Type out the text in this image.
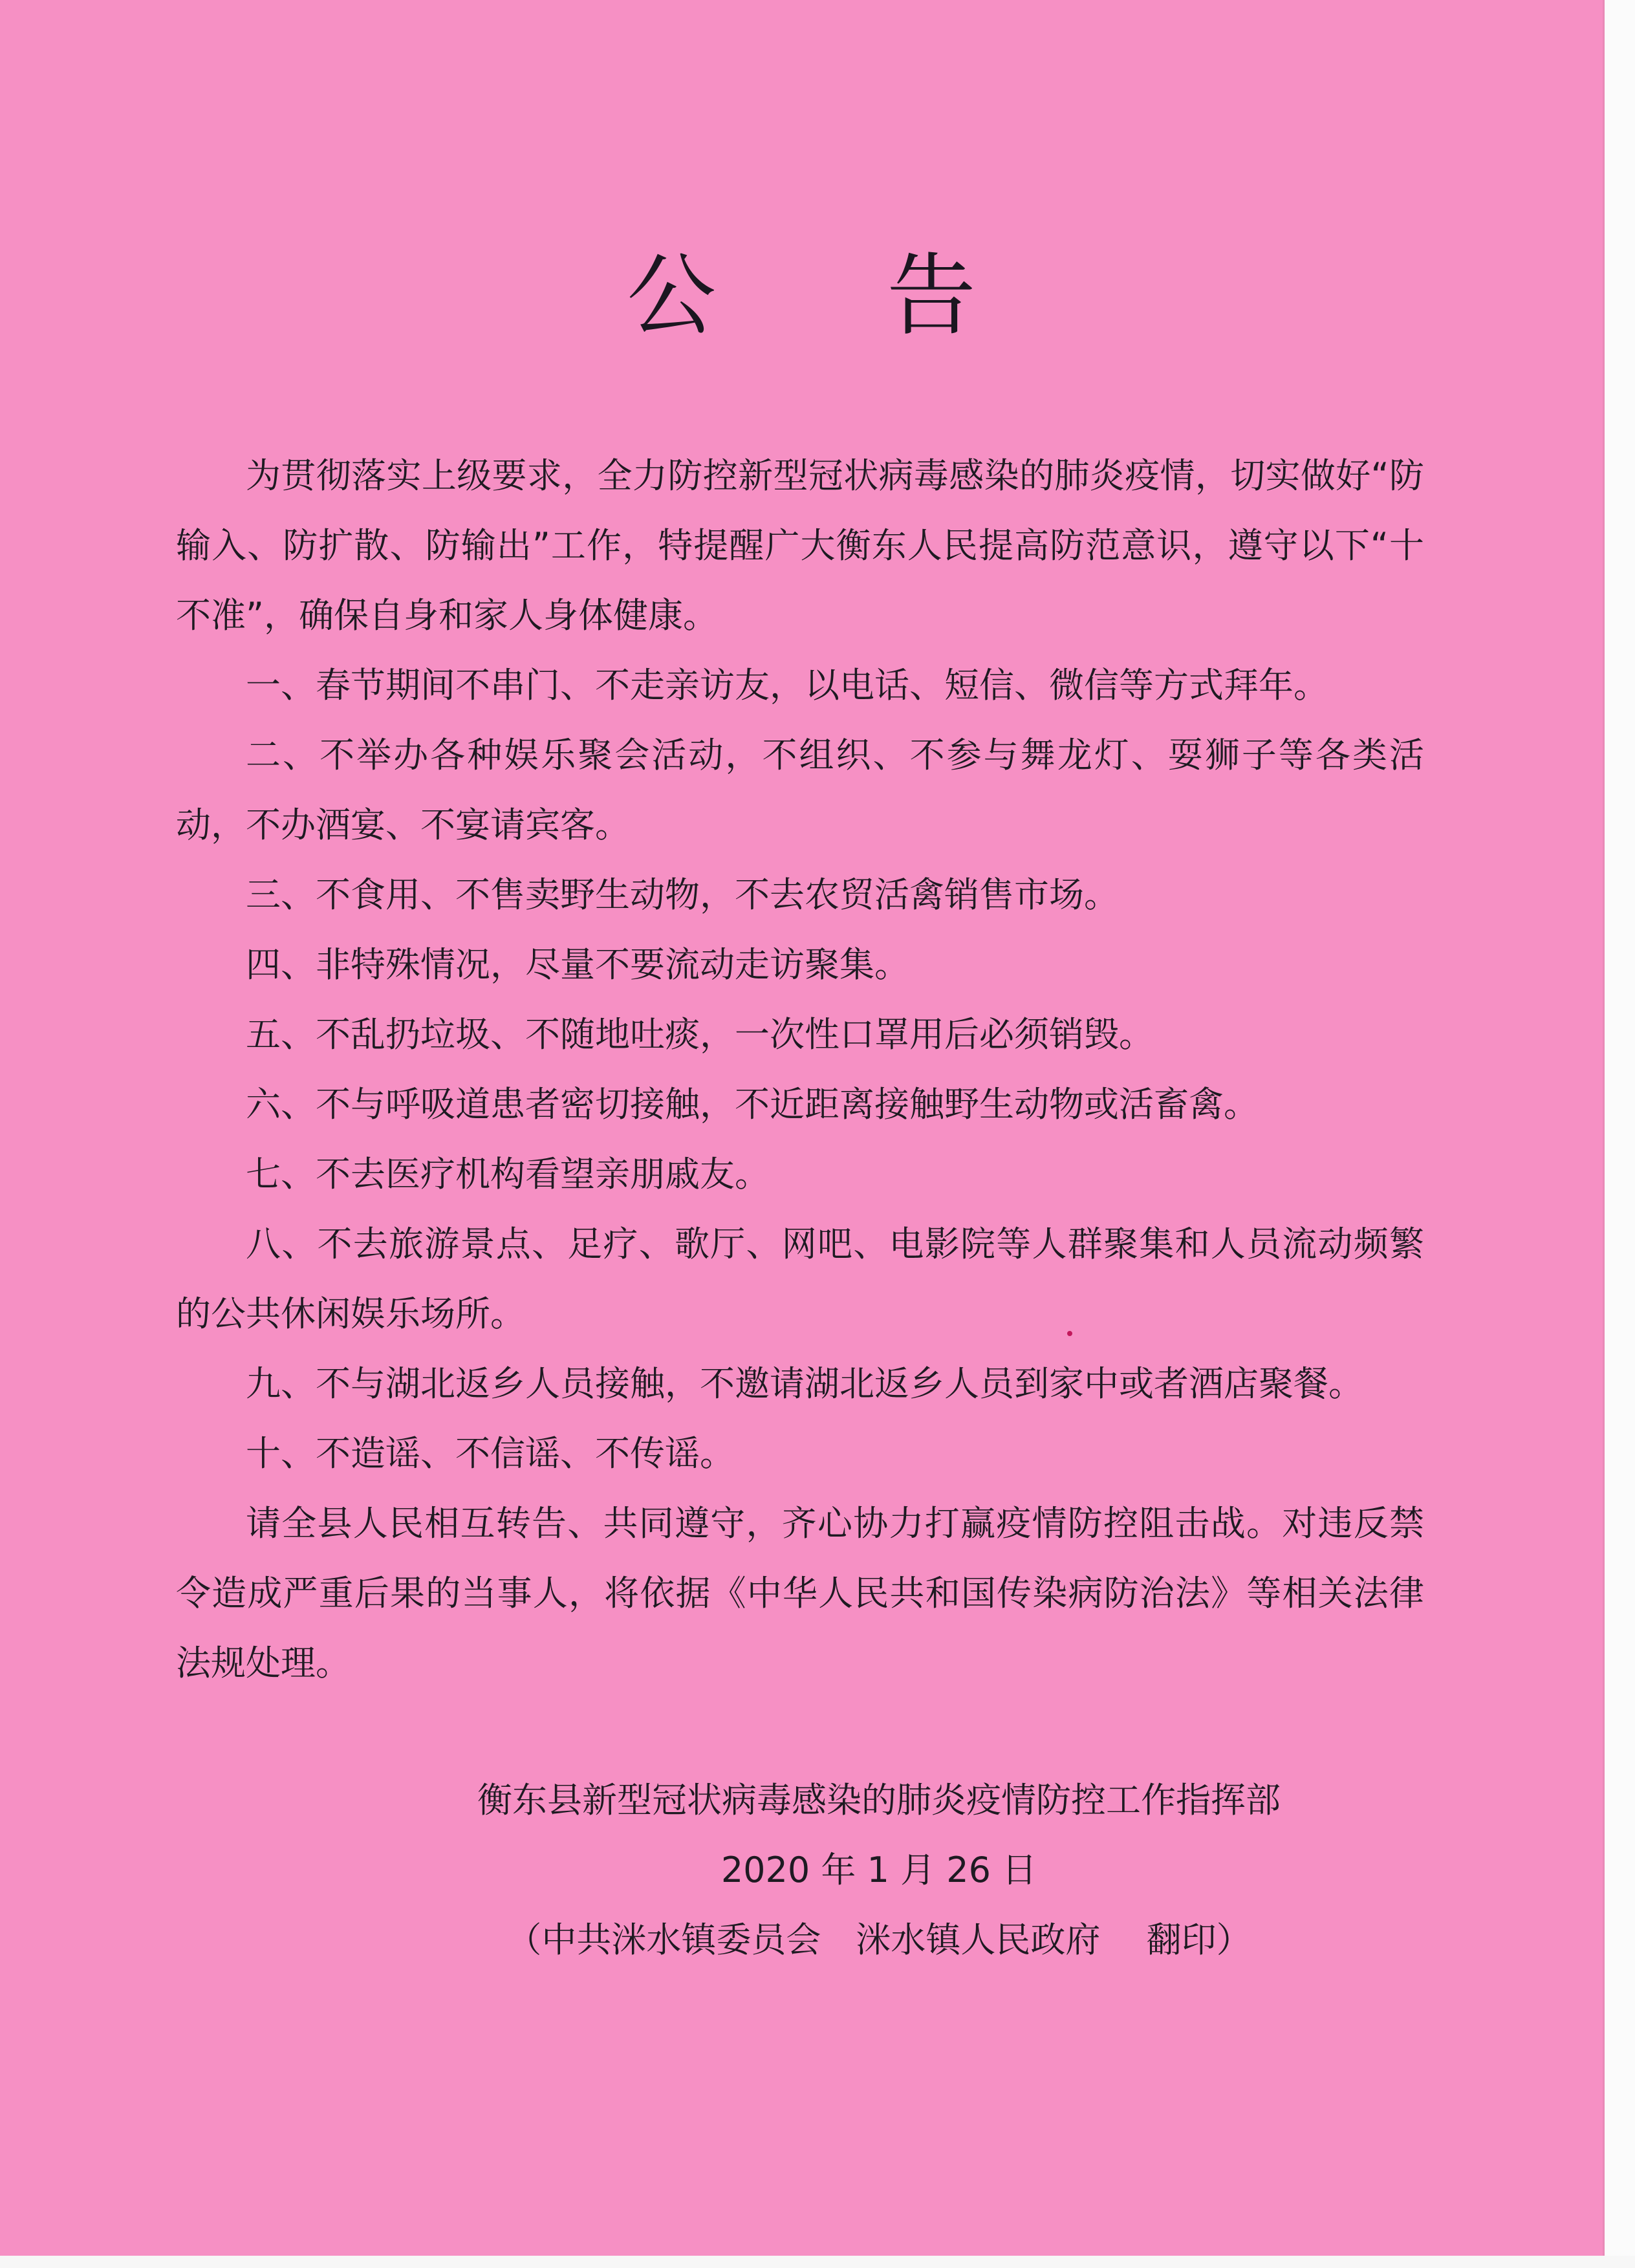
公 告

为贯彻落实上级要求，全力防控新型冠状病毒感染的肺炎疫情，切实做好“防输入、防扩散、防输出”工作，特提醒广大衡东人民提高防范意识，遵守以下“十不准”，确保自身和家人身体健康。

一、春节期间不串门、不走亲访友，以电话、短信、微信等方式拜年。

二、不举办各种娱乐聚会活动，不组织、不参与舞龙灯、耍狮子等各类活动，不办酒宴、不宴请宾客。

三、不食用、不售卖野生动物，不去农贸活禽销售市场。

四、非特殊情况，尽量不要流动走访聚集。

五、不乱扔垃圾、不随地吐痰，一次性口罩用后必须销毁。

六、不与呼吸道患者密切接触，不近距离接触野生动物或活畜禽。

七、不去医疗机构看望亲朋戚友。

八、不去旅游景点、足疗、歌厅、网吧、电影院等人群聚集和人员流动频繁的公共休闲娱乐场所。

九、不与湖北返乡人员接触，不邀请湖北返乡人员到家中或者酒店聚餐。

十、不造谣、不信谣、不传谣。

请全县人民相互转告、共同遵守，齐心协力打赢疫情防控阻击战。对违反禁令造成严重后果的当事人，将依据《中华人民共和国传染病防治法》等相关法律法规处理。

衡东县新型冠状病毒感染的肺炎疫情防控工作指挥部
2020 年 1 月 26 日
（中共洣水镇委员会　洣水镇人民政府　 翻印）
